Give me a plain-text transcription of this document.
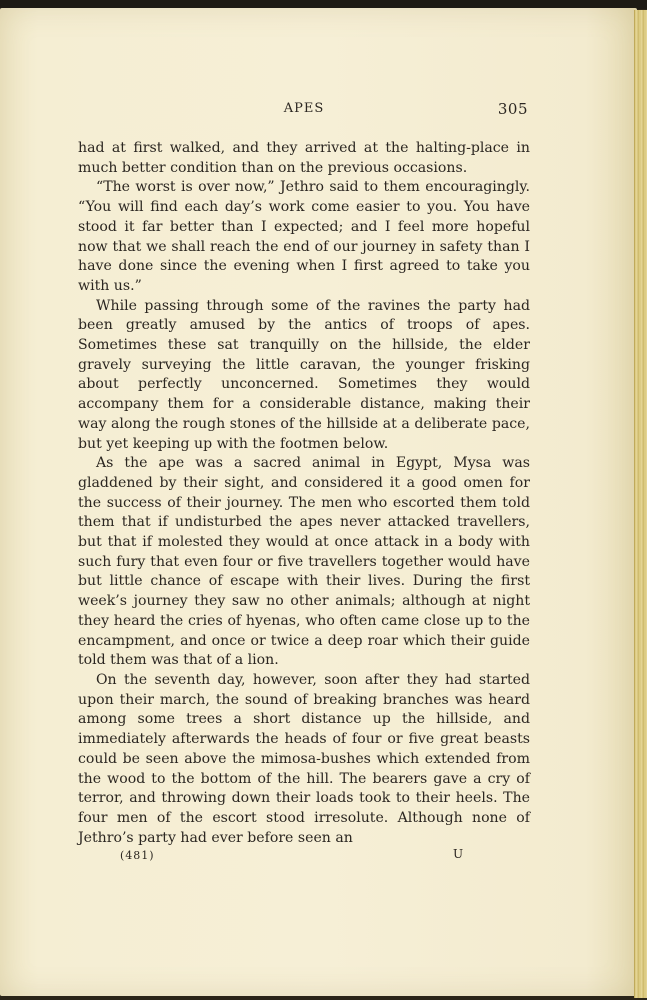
APES	305

had at first walked, and they arrived at the halting-place in much better condition than on the previous occasions.

“The worst is over now,” Jethro said to them encouragingly. “You will find each day’s work come easier to you. You have stood it far better than I expected; and I feel more hopeful now that we shall reach the end of our journey in safety than I have done since the evening when I first agreed to take you with us.”

While passing through some of the ravines the party had been greatly amused by the antics of troops of apes. Sometimes these sat tranquilly on the hillside, the elder gravely surveying the little caravan, the younger frisking about perfectly unconcerned. Sometimes they would accompany them for a considerable distance, making their way along the rough stones of the hillside at a deliberate pace, but yet keeping up with the footmen below.

As the ape was a sacred animal in Egypt, Mysa was gladdened by their sight, and considered it a good omen for the success of their journey. The men who escorted them told them that if undisturbed the apes never attacked travellers, but that if molested they would at once attack in a body with such fury that even four or five travellers together would have but little chance of escape with their lives. During the first week’s journey they saw no other animals; although at night they heard the cries of hyenas, who often came close up to the encampment, and once or twice a deep roar which their guide told them was that of a lion.

On the seventh day, however, soon after they had started upon their march, the sound of breaking branches was heard among some trees a short distance up the hillside, and immediately afterwards the heads of four or five great beasts could be seen above the mimosa-bushes which extended from the wood to the bottom of the hill. The bearers gave a cry of terror, and throwing down their loads took to their heels. The four men of the escort stood irresolute. Although none of Jethro’s party had ever before seen an

(481)	U
